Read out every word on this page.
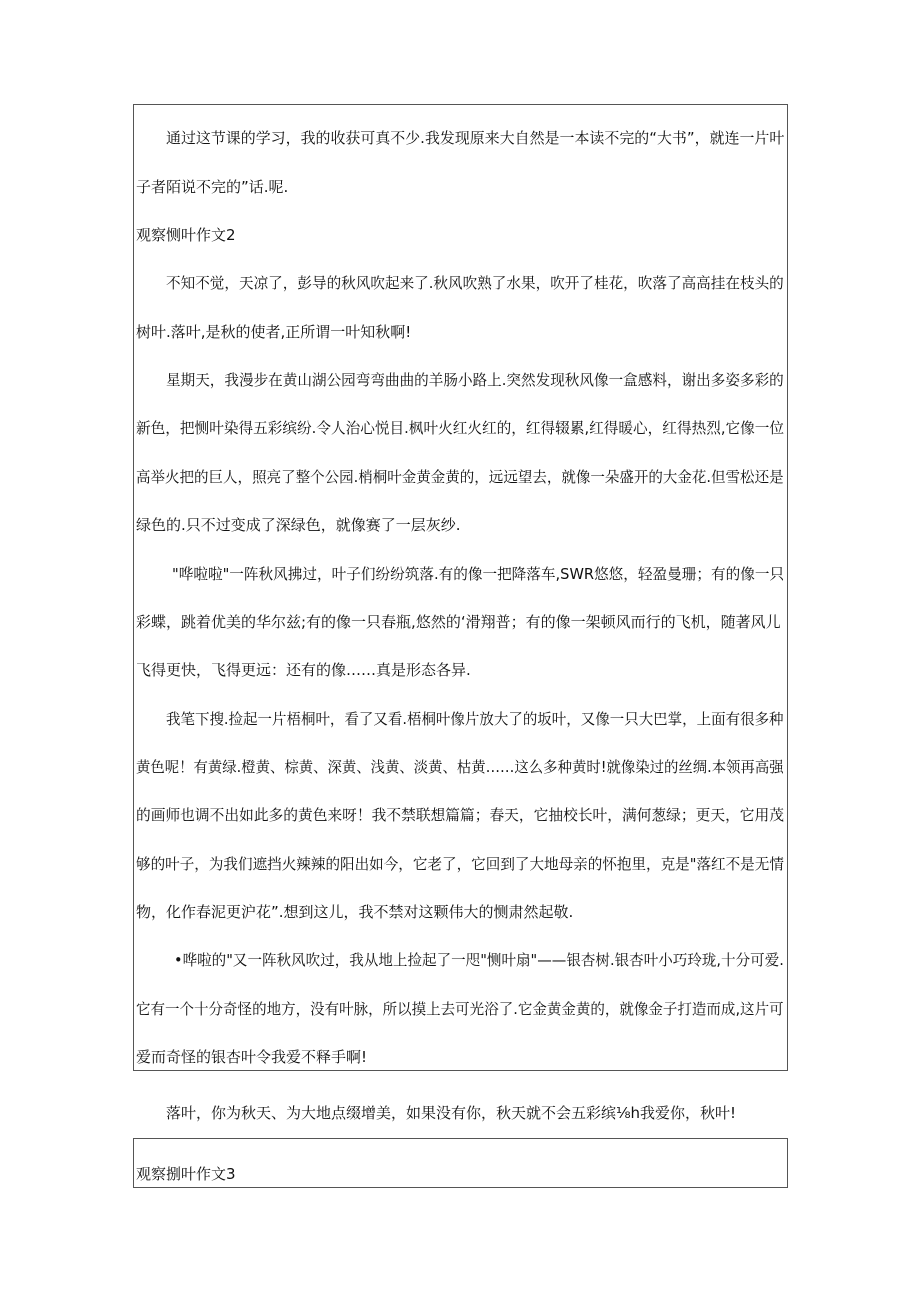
通过这节课的学习，我的收获可真不少.我发现原来大自然是一本读不完的“大书”，就连一片叶
子者陌说不完的”话.呢.
观察恻叶作文2
不知不觉，天凉了，彭导的秋风吹起来了.秋风吹熟了水果，吹开了桂花，吹落了高高挂在枝头的
树叶.落叶,是秋的使者,正所谓一叶知秋啊!
星期天，我漫步在黄山湖公园弯弯曲曲的羊肠小路上.突然发现秋风像一盒感料，谢出多姿多彩的
新色，把恻叶染得五彩缤纷.令人治心悦目.枫叶火红火红的，红得辍累,红得暖心，红得热烈,它像一位
高举火把的巨人，照亮了整个公园.梢桐叶金黄金黄的，远远望去，就像一朵盛开的大金花.但雪松还是
绿色的.只不过变成了深绿色，就像赛了一层灰纱.
"哗啦啦"一阵秋风拂过，叶子们纷纷筑落.有的像一把降落车,SWR悠悠，轻盈曼珊；有的像一只
彩蝶，跳着优美的华尔兹;有的像一只春瓶,悠然的‘滑翔普；有的像一架顿风而行的飞机，随著风儿
飞得更快，飞得更远：还有的像……真是形态各异.
我笔下搜.捡起一片梧桐叶，看了又看.梧桐叶像片放大了的坂叶，又像一只大巴掌，上面有很多种
黄色呢！有黄绿.橙黄、棕黄、深黄、浅黄、淡黄、枯黄……这么多种黄时!就像染过的丝绸.本领再高强
的画师也调不出如此多的黄色来呀！我不禁联想篇篇；春天，它抽校长叶，满何葱绿；更天，它用茂
够的叶子，为我们遮挡火辣辣的阳出如今，它老了，它回到了大地母亲的怀抱里，克是"落红不是无情
物，化作春泥更沪花”.想到这儿，我不禁对这颗伟大的恻肃然起敬.
•哗啦的"又一阵秋风吹过，我从地上捡起了一咫"恻叶扇"——银杏树.银杏叶小巧玲珑,十分可爱.
它有一个十分奇怪的地方，没有叶脉，所以摸上去可光浴了.它金黄金黄的，就像金子打造而成,这片可
爱而奇怪的银杏叶令我爱不释手啊!
落叶，你为秋天、为大地点缀增美，如果没有你，秋天就不会五彩缤⅛h我爱你，秋叶!
观察捌叶作文3
